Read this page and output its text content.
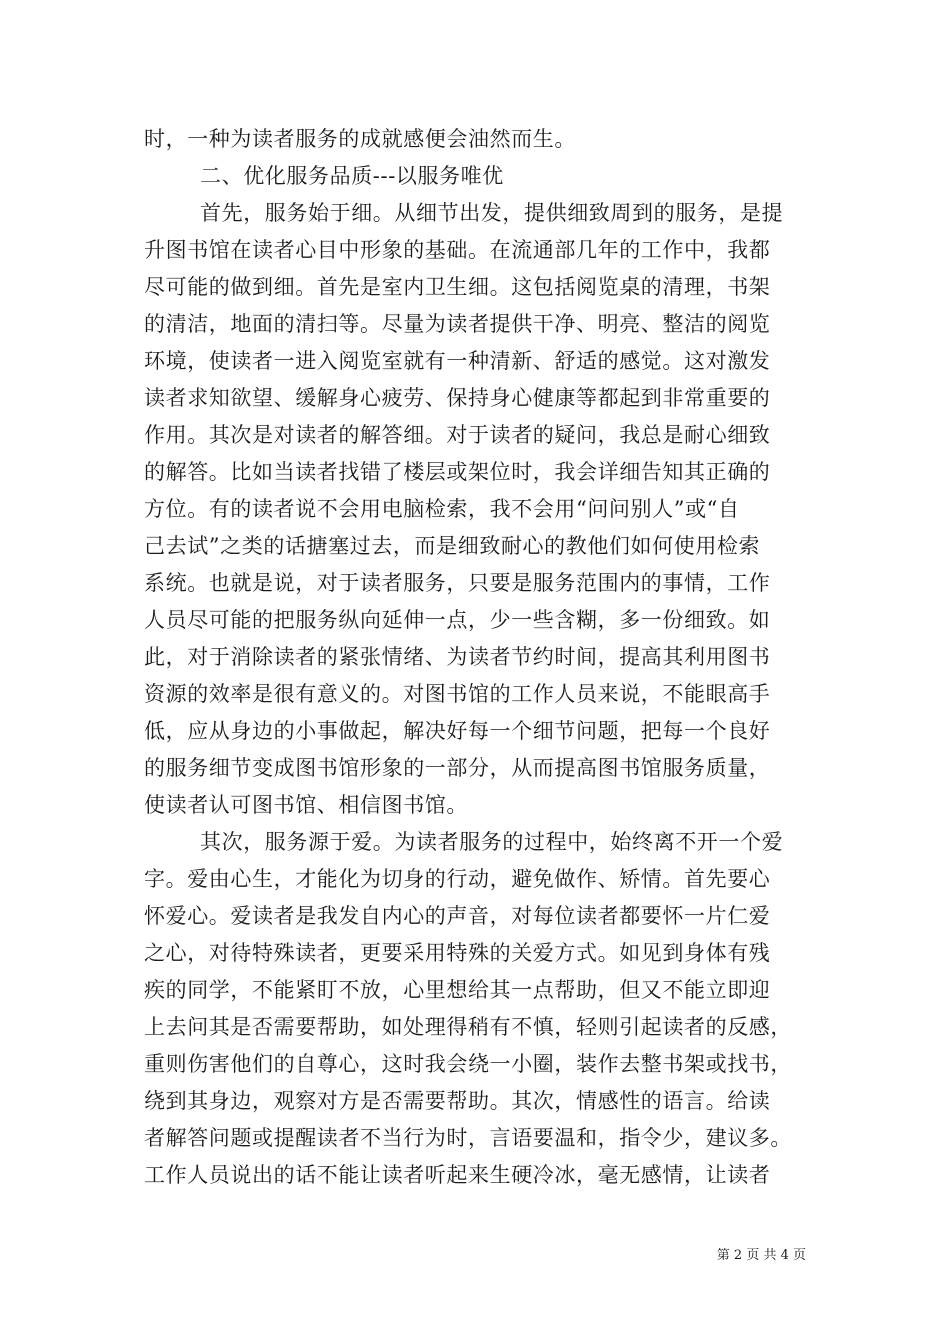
时，一种为读者服务的成就感便会油然而生。
二、优化服务品质---以服务唯优
首先，服务始于细。从细节出发，提供细致周到的服务，是提
升图书馆在读者心目中形象的基础。在流通部几年的工作中，我都
尽可能的做到细。首先是室内卫生细。这包括阅览桌的清理，书架
的清洁，地面的清扫等。尽量为读者提供干净、明亮、整洁的阅览
环境，使读者一进入阅览室就有一种清新、舒适的感觉。这对激发
读者求知欲望、缓解身心疲劳、保持身心健康等都起到非常重要的
作用。其次是对读者的解答细。对于读者的疑问，我总是耐心细致
的解答。比如当读者找错了楼层或架位时，我会详细告知其正确的
方位。有的读者说不会用电脑检索，我不会用“问问别人”或“自
己去试”之类的话搪塞过去，而是细致耐心的教他们如何使用检索
系统。也就是说，对于读者服务，只要是服务范围内的事情，工作
人员尽可能的把服务纵向延伸一点，少一些含糊，多一份细致。如
此，对于消除读者的紧张情绪、为读者节约时间，提高其利用图书
资源的效率是很有意义的。对图书馆的工作人员来说，不能眼高手
低，应从身边的小事做起，解决好每一个细节问题，把每一个良好
的服务细节变成图书馆形象的一部分，从而提高图书馆服务质量，
使读者认可图书馆、相信图书馆。
其次，服务源于爱。为读者服务的过程中，始终离不开一个爱
字。爱由心生，才能化为切身的行动，避免做作、矫情。首先要心
怀爱心。爱读者是我发自内心的声音，对每位读者都要怀一片仁爱
之心，对待特殊读者，更要采用特殊的关爱方式。如见到身体有残
疾的同学，不能紧盯不放，心里想给其一点帮助，但又不能立即迎
上去问其是否需要帮助，如处理得稍有不慎，轻则引起读者的反感，
重则伤害他们的自尊心，这时我会绕一小圈，装作去整书架或找书，
绕到其身边，观察对方是否需要帮助。其次，情感性的语言。给读
者解答问题或提醒读者不当行为时，言语要温和，指令少，建议多。
工作人员说出的话不能让读者听起来生硬冷冰，毫无感情，让读者
第 2 页 共 4 页
